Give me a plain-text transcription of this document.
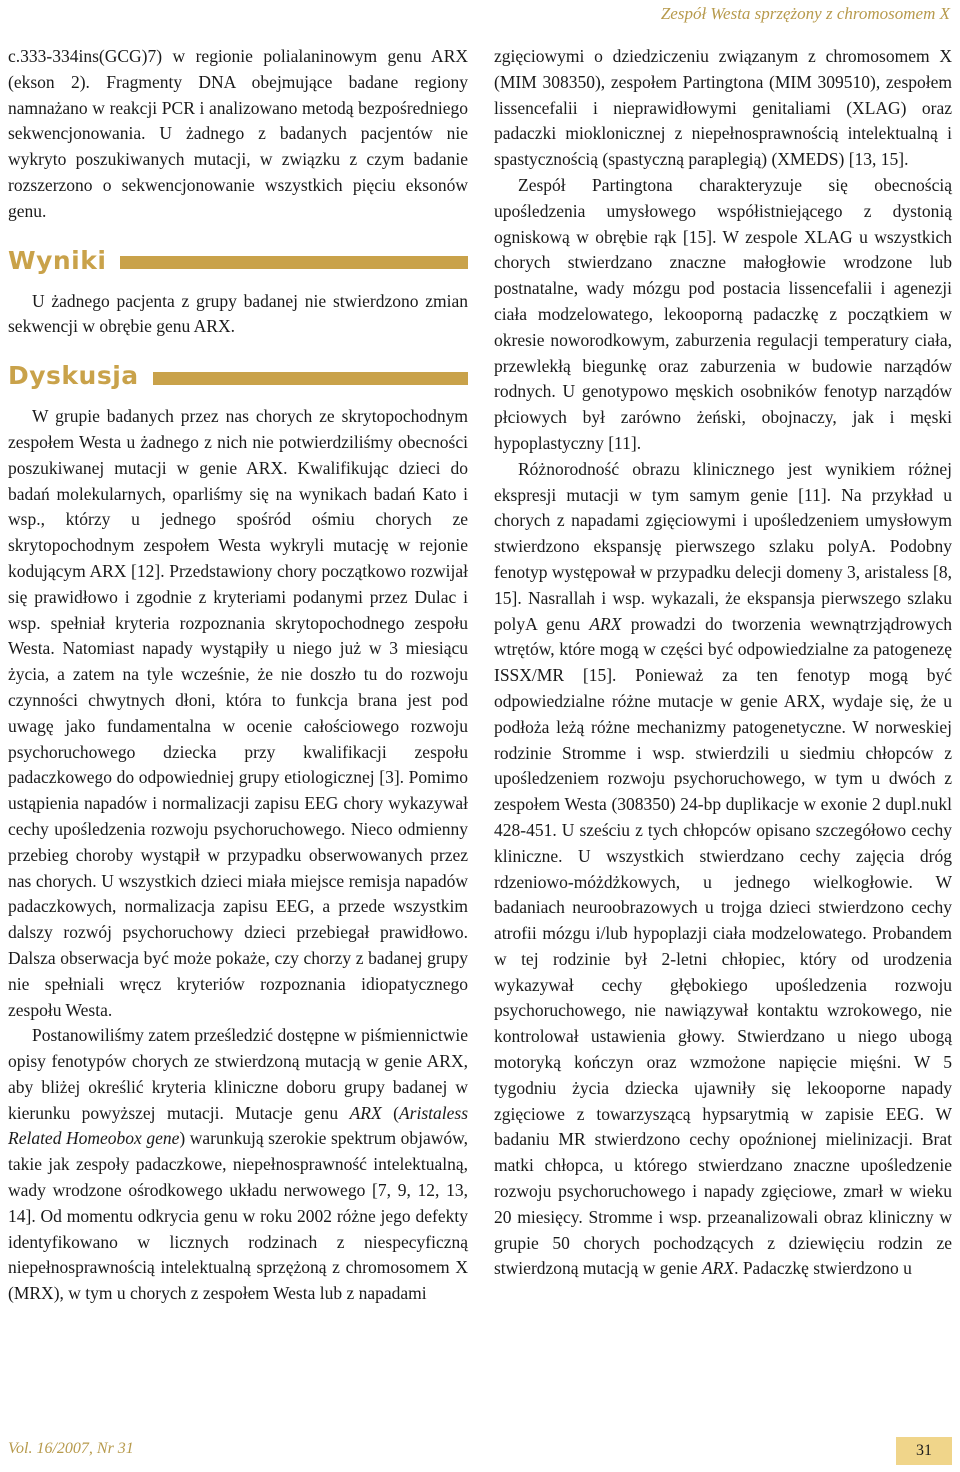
Zespół Westa sprzężony z chromosomem X

c.333-334ins(GCG)7) w regionie polialaninowym genu ARX (ekson 2). Fragmenty DNA obejmujące badane regiony namnażano w reakcji PCR i analizowano metodą bezpośredniego sekwencjonowania. U żadnego z badanych pacjentów nie wykryto poszukiwanych mutacji, w związku z czym badanie rozszerzono o sekwencjonowanie wszystkich pięciu eksonów genu.

Wyniki

U żadnego pacjenta z grupy badanej nie stwierdzono zmian sekwencji w obrębie genu ARX.

Dyskusja

W grupie badanych przez nas chorych ze skrytopochodnym zespołem Westa u żadnego z nich nie potwierdziliśmy obecności poszukiwanej mutacji w genie ARX. Kwalifikując dzieci do badań molekularnych, oparliśmy się na wynikach badań Kato i wsp., którzy u jednego spośród ośmiu chorych ze skrytopochodnym zespołem Westa wykryli mutację w rejonie kodującym ARX [12]. Przedstawiony chory początkowo rozwijał się prawidłowo i zgodnie z kryteriami podanymi przez Dulac i wsp. spełniał kryteria rozpoznania skrytopochodnego zespołu Westa. Natomiast napady wystąpiły u niego już w 3 miesiącu życia, a zatem na tyle wcześnie, że nie doszło tu do rozwoju czynności chwytnych dłoni, która to funkcja brana jest pod uwagę jako fundamentalna w ocenie całościowego rozwoju psychoruchowego dziecka przy kwalifikacji zespołu padaczkowego do odpowiedniej grupy etiologicznej [3]. Pomimo ustąpienia napadów i normalizacji zapisu EEG chory wykazywał cechy upośledzenia rozwoju psychoruchowego. Nieco odmienny przebieg choroby wystąpił w przypadku obserwowanych przez nas chorych. U wszystkich dzieci miała miejsce remisja napadów padaczkowych, normalizacja zapisu EEG, a przede wszystkim dalszy rozwój psychoruchowy dzieci przebiegał prawidłowo. Dalsza obserwacja być może pokaże, czy chorzy z badanej grupy nie spełniali wręcz kryteriów rozpoznania idiopatycznego zespołu Westa.

Postanowiliśmy zatem prześledzić dostępne w piśmiennictwie opisy fenotypów chorych ze stwierdzoną mutacją w genie ARX, aby bliżej określić kryteria kliniczne doboru grupy badanej w kierunku powyższej mutacji. Mutacje genu ARX (Aristaless Related Homeobox gene) warunkują szerokie spektrum objawów, takie jak zespoły padaczkowe, niepełnosprawność intelektualną, wady wrodzone ośrodkowego układu nerwowego [7, 9, 12, 13, 14]. Od momentu odkrycia genu w roku 2002 różne jego defekty identyfikowano w licznych rodzinach z niespecyficzną niepełnosprawnością intelektualną sprzężoną z chromosomem X (MRX), w tym u chorych z zespołem Westa lub z napadami

zgięciowymi o dziedziczeniu związanym z chromosomem X (MIM 308350), zespołem Partingtona (MIM 309510), zespołem lissencefalii i nieprawidłowymi genitaliami (XLAG) oraz padaczki mioklonicznej z niepełnosprawnością intelektualną i spastycznością (spastyczną paraplegią) (XMEDS) [13, 15].

Zespół Partingtona charakteryzuje się obecnością upośledzenia umysłowego współistniejącego z dystonią ogniskową w obrębie rąk [15]. W zespole XLAG u wszystkich chorych stwierdzano znaczne małogłowie wrodzone lub postnatalne, wady mózgu pod postacia lissencefalii i agenezji ciała modzelowatego, lekooporną padaczkę z początkiem w okresie noworodkowym, zaburzenia regulacji temperatury ciała, przewlekłą biegunkę oraz zaburzenia w budowie narządów rodnych. U genotypowo męskich osobników fenotyp narządów płciowych był zarówno żeński, obojnaczy, jak i męski hypoplastyczny [11].

Różnorodność obrazu klinicznego jest wynikiem różnej ekspresji mutacji w tym samym genie [11]. Na przykład u chorych z napadami zgięciowymi i upośledzeniem umysłowym stwierdzono ekspansję pierwszego szlaku polyA. Podobny fenotyp występował w przypadku delecji domeny 3, aristaless [8, 15]. Nasrallah i wsp. wykazali, że ekspansja pierwszego szlaku polyA genu ARX prowadzi do tworzenia wewnątrzjądrowych wtrętów, które mogą w części być odpowiedzialne za patogenezę ISSX/MR [15]. Ponieważ za ten fenotyp mogą być odpowiedzialne różne mutacje w genie ARX, wydaje się, że u podłoża leżą różne mechanizmy patogenetyczne. W norweskiej rodzinie Stromme i wsp. stwierdzili u siedmiu chłopców z upośledzeniem rozwoju psychoruchowego, w tym u dwóch z zespołem Westa (308350) 24-bp duplikacje w exonie 2 dupl.nukl 428-451. U sześciu z tych chłopców opisano szczegółowo cechy kliniczne. U wszystkich stwierdzano cechy zajęcia dróg rdzeniowo-móżdżkowych, u jednego wielkogłowie. W badaniach neuroobrazowych u trojga dzieci stwierdzono cechy atrofii mózgu i/lub hypoplazji ciała modzelowatego. Probandem w tej rodzinie był 2-letni chłopiec, który od urodzenia wykazywał cechy głębokiego upośledzenia rozwoju psychoruchowego, nie nawiązywał kontaktu wzrokowego, nie kontrolował ustawienia głowy. Stwierdzano u niego ubogą motoryką kończyn oraz wzmożone napięcie mięśni. W 5 tygodniu życia dziecka ujawniły się lekooporne napady zgięciowe z towarzyszącą hypsarytmią w zapisie EEG. W badaniu MR stwierdzono cechy opoźnionej mielinizacji. Brat matki chłopca, u którego stwierdzano znaczne upośledzenie rozwoju psychoruchowego i napady zgięciowe, zmarł w wieku 20 miesięcy. Stromme i wsp. przeanalizowali obraz kliniczny w grupie 50 chorych pochodzących z dziewięciu rodzin ze stwierdzoną mutacją w genie ARX. Padaczkę stwierdzono u

Vol. 16/2007, Nr 31	31
